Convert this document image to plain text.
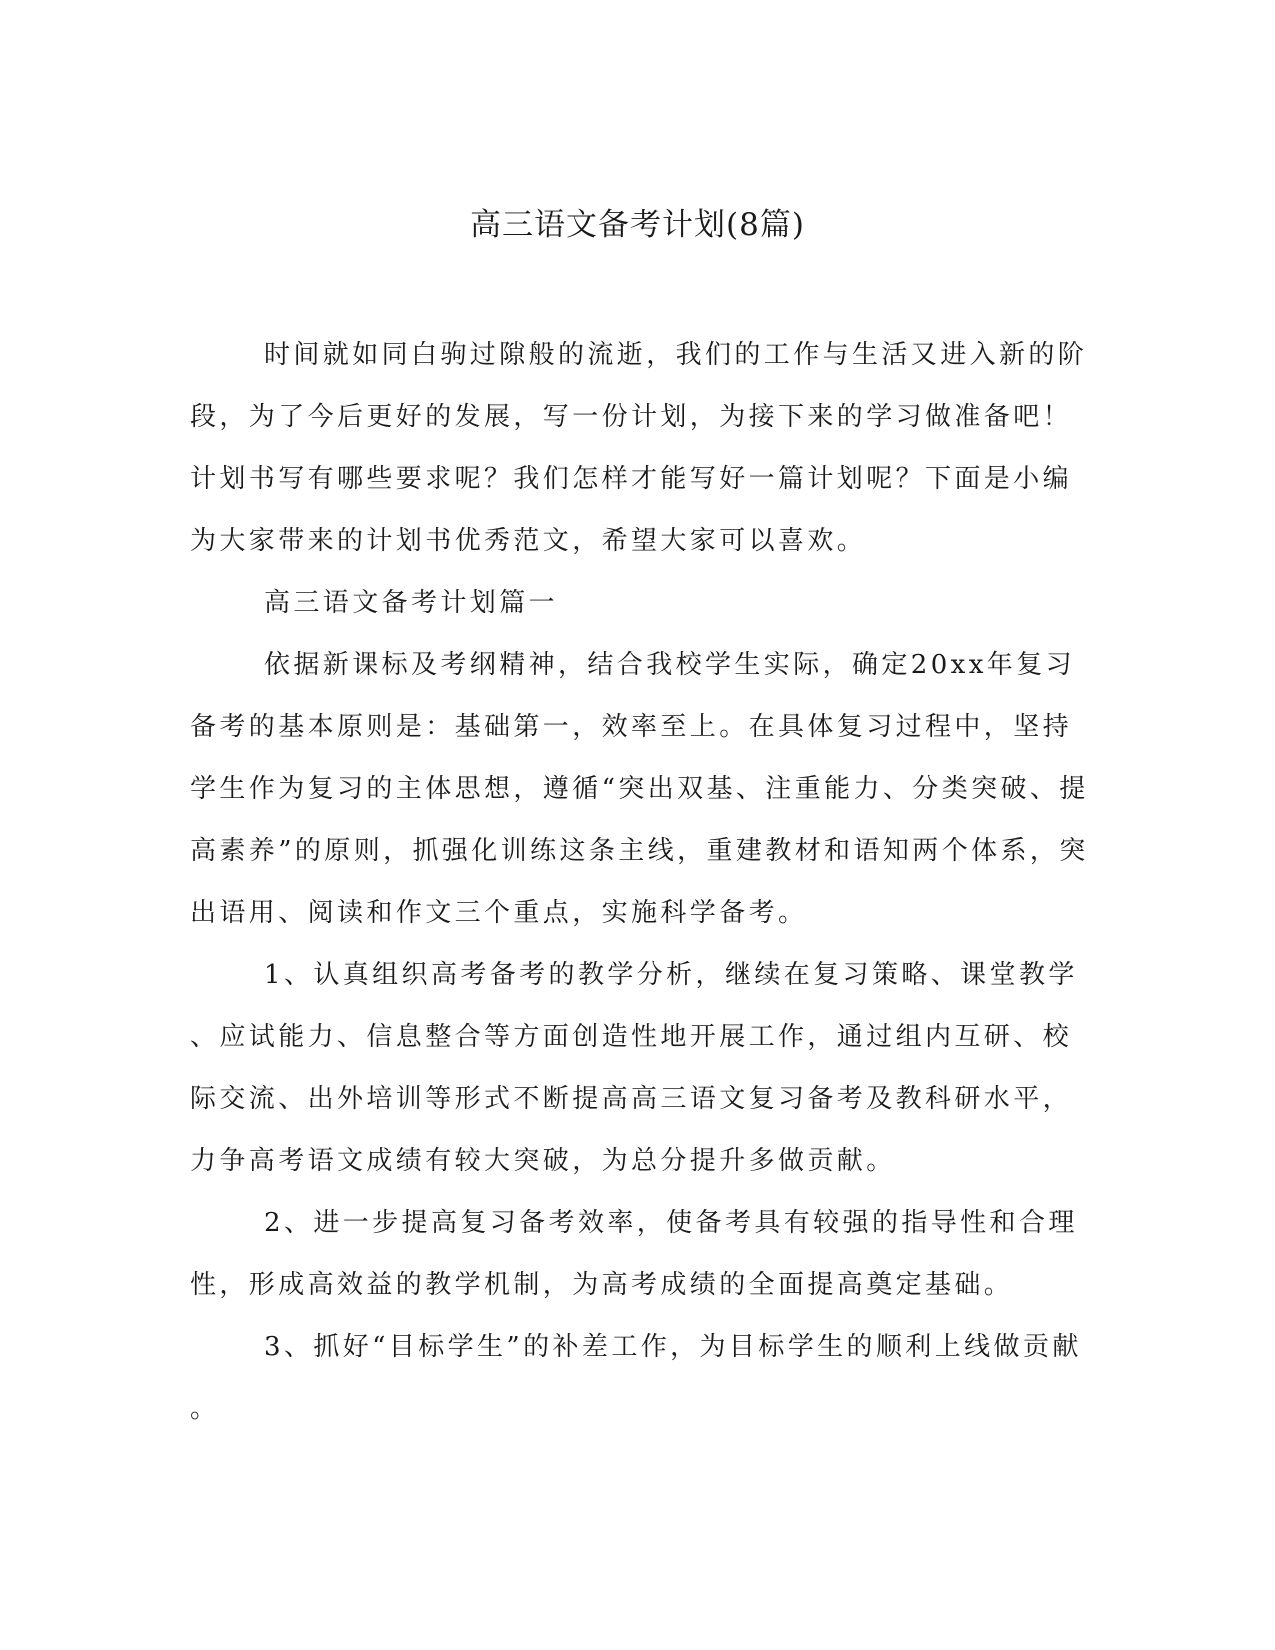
高三语文备考计划(8篇)
时间就如同白驹过隙般的流逝，我们的工作与生活又进入新的阶
段，为了今后更好的发展，写一份计划，为接下来的学习做准备吧！
计划书写有哪些要求呢？我们怎样才能写好一篇计划呢？下面是小编
为大家带来的计划书优秀范文，希望大家可以喜欢。
高三语文备考计划篇一
依据新课标及考纲精神，结合我校学生实际，确定20xx年复习
备考的基本原则是：基础第一，效率至上。在具体复习过程中，坚持
学生作为复习的主体思想，遵循“突出双基、注重能力、分类突破、提
高素养”的原则，抓强化训练这条主线，重建教材和语知两个体系，突
出语用、阅读和作文三个重点，实施科学备考。
1、认真组织高考备考的教学分析，继续在复习策略、课堂教学
、应试能力、信息整合等方面创造性地开展工作，通过组内互研、校
际交流、出外培训等形式不断提高高三语文复习备考及教科研水平，
力争高考语文成绩有较大突破，为总分提升多做贡献。
2、进一步提高复习备考效率，使备考具有较强的指导性和合理
性，形成高效益的教学机制，为高考成绩的全面提高奠定基础。
3、抓好“目标学生”的补差工作，为目标学生的顺利上线做贡献
。
